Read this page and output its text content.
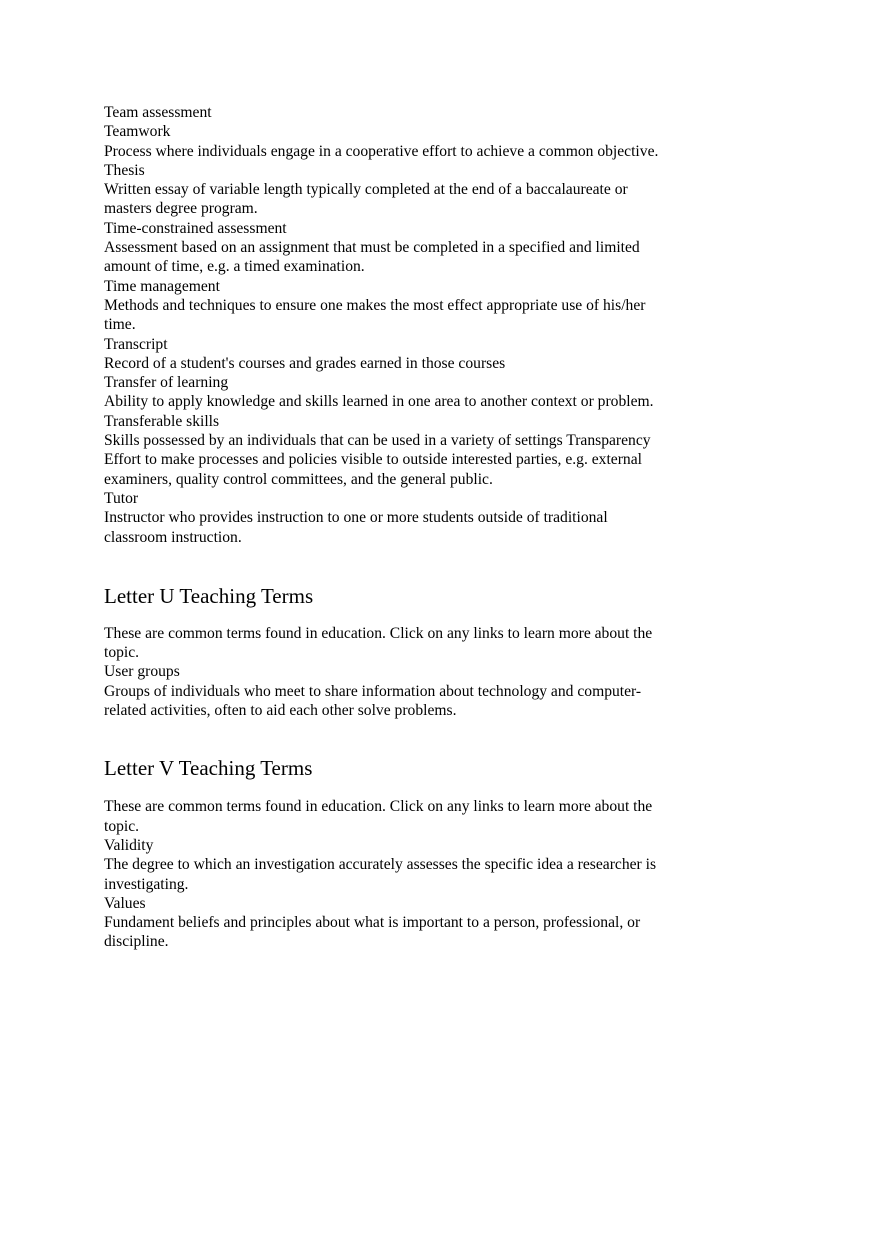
Team assessment

Teamwork

Process where individuals engage in a cooperative effort to achieve a common objective.

Thesis

Written essay of variable length typically completed at the end of a baccalaureate or

masters degree program.

Time-constrained assessment

Assessment based on an assignment that must be completed in a specified and limited

amount of time, e.g. a timed examination.

Time management

Methods and techniques to ensure one makes the most effect appropriate use of his/her

time.

Transcript

Record of a student's courses and grades earned in those courses

Transfer of learning

Ability to apply knowledge and skills learned in one area to another context or problem.

Transferable skills

Skills possessed by an individuals that can be used in a variety of settings Transparency

Effort to make processes and policies visible to outside interested parties, e.g. external

examiners, quality control committees, and the general public.

Tutor

Instructor who provides instruction to one or more students outside of traditional

classroom instruction.

Letter U Teaching Terms

These are common terms found in education. Click on any links to learn more about the

topic.

User groups

Groups of individuals who meet to share information about technology and computer-

related activities, often to aid each other solve problems.

Letter V Teaching Terms

These are common terms found in education. Click on any links to learn more about the

topic.

Validity

The degree to which an investigation accurately assesses the specific idea a researcher is

investigating.

Values

Fundament beliefs and principles about what is important to a person, professional, or

discipline.
